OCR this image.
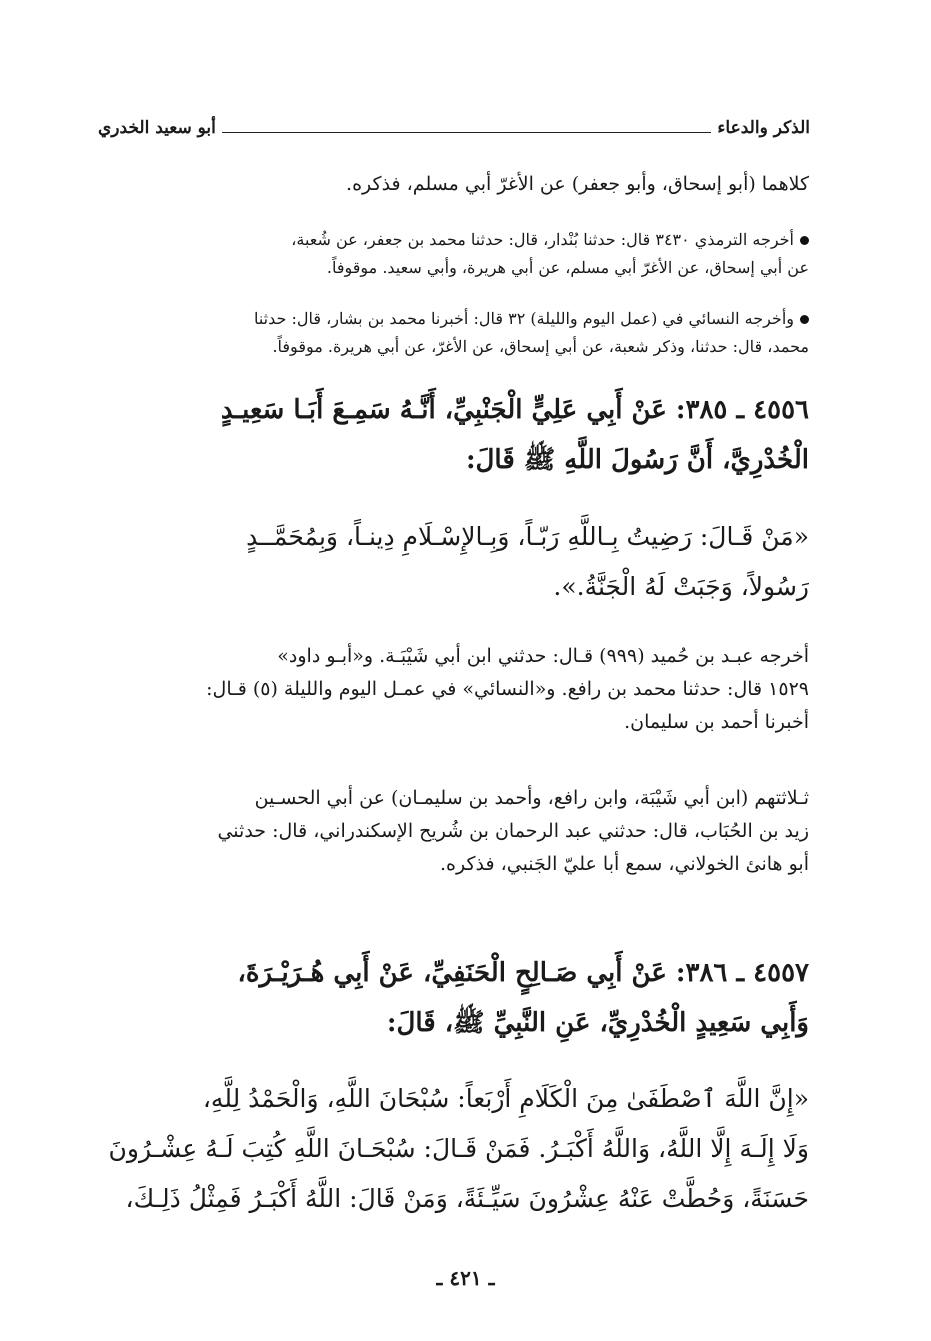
الذكر والدعاء
أبو سعيد الخدري
كلاهما (أبو إسحاق، وأبو جعفر) عن الأغرّ أبي مسلم، فذكره.
أخرجه الترمذي ٣٤٣٠ قال: حدثنا بُنْدار، قال: حدثنا محمد بن جعفر، عن شُعبة،
عن أبي إسحاق، عن الأغرّ أبي مسلم، عن أبي هريرة، وأبي سعيد. موقوفاً.
وأخرجه النسائي في (عمل اليوم والليلة) ٣٢ قال: أخبرنا محمد بن بشار، قال: حدثنا
محمد، قال: حدثنا، وذكر شعبة، عن أبي إسحاق، عن الأغرّ، عن أبي هريرة. موقوفاً.
٤٥٥٦ ـ ٣٨٥: عَنْ أَبِي عَلِيٍّ الْجَنْبِيِّ، أَنَّـهُ سَمِـعَ أَبَـا سَعِيـدٍ
الْخُدْرِيَّ، أَنَّ رَسُولَ اللَّهِ ﷺ قَالَ:
«مَنْ قَـالَ: رَضِيتُ بِـاللَّهِ رَبّـاً، وَبِـالإِسْـلَامِ دِينـاً، وَبِمُحَمَّــدٍ
رَسُولاً، وَجَبَتْ لَهُ الْجَنَّةُ.».
أخرجه عبـد بن حُميد (٩٩٩) قـال: حدثني ابن أبي شَيْبَـة. و«أبـو داود»
١٥٢٩ قال: حدثنا محمد بن رافع. و«النسائي» في عمـل اليوم والليلة (٥) قـال:
أخبرنا أحمد بن سليمان.
ثـلاثتهم (ابن أبي شَيْبَة، وابن رافع، وأحمد بن سليمـان) عن أبي الحسـين
زيد بن الحُبَاب، قال: حدثني عبد الرحمان بن شُريح الإسكندراني، قال: حدثني
أبو هانئ الخولاني، سمع أبا عليّ الجَنبي، فذكره.
٤٥٥٧ ـ ٣٨٦: عَنْ أَبِي صَـالِحٍ الْحَنَفِيِّ، عَنْ أَبِي هُـرَيْـرَةَ،
وَأَبِي سَعِيدٍ الْخُدْرِيِّ، عَنِ النَّبِيِّ ﷺ، قَالَ:
«إِنَّ اللَّهَ ٱصْطَفَىٰ مِنَ الْكَلَامِ أَرْبَعاً: سُبْحَانَ اللَّهِ، وَالْحَمْدُ لِلَّهِ،
وَلَا إِلَـهَ إِلَّا اللَّهُ، وَاللَّهُ أَكْبَـرُ. فَمَنْ قَـالَ: سُبْحَـانَ اللَّهِ كُتِبَ لَـهُ عِشْـرُونَ
حَسَنَةً، وَحُطَّتْ عَنْهُ عِشْرُونَ سَيِّـئَةً، وَمَنْ قَالَ: اللَّهُ أَكْبَـرُ فَمِثْلُ ذَلِـكَ،
ـ ٤٢١ ـ
